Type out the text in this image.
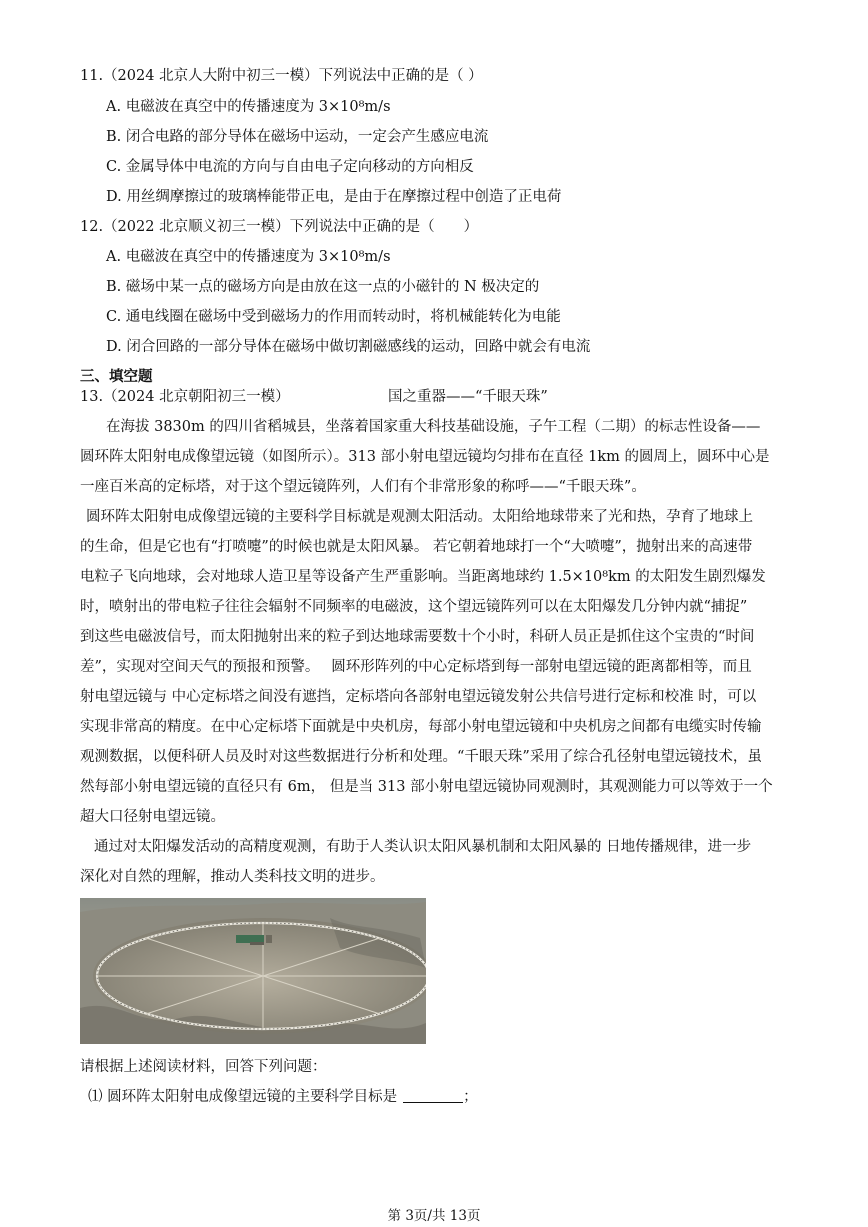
11.（2024 北京人大附中初三一模）下列说法中正确的是（ ）
A. 电磁波在真空中的传播速度为 3×10⁸m/s
B. 闭合电路的部分导体在磁场中运动，一定会产生感应电流
C. 金属导体中电流的方向与自由电子定向移动的方向相反
D. 用丝绸摩擦过的玻璃棒能带正电，是由于在摩擦过程中创造了正电荷
12.（2022 北京顺义初三一模）下列说法中正确的是（　　）
A. 电磁波在真空中的传播速度为 3×10⁸m/s
B. 磁场中某一点的磁场方向是由放在这一点的小磁针的 N 极决定的
C. 通电线圈在磁场中受到磁场力的作用而转动时，将机械能转化为电能
D. 闭合回路的一部分导体在磁场中做切割磁感线的运动，回路中就会有电流
三、填空题
13.（2024 北京朝阳初三一模）	国之重器——“千眼天珠”
在海拔 3830m 的四川省稻城县，坐落着国家重大科技基础设施，子午工程（二期）的标志性设备——
圆环阵太阳射电成像望远镜（如图所示）。313 部小射电望远镜均匀排布在直径 1km 的圆周上，圆环中心是
一座百米高的定标塔，对于这个望远镜阵列，人们有个非常形象的称呼——“千眼天珠”。
圆环阵太阳射电成像望远镜的主要科学目标就是观测太阳活动。太阳给地球带来了光和热，孕育了地球上
的生命，但是它也有“打喷嚏”的时候也就是太阳风暴。 若它朝着地球打一个“大喷嚏”，抛射出来的高速带
电粒子飞向地球，会对地球人造卫星等设备产生严重影响。当距离地球约 1.5×10⁸km 的太阳发生剧烈爆发
时，喷射出的带电粒子往往会辐射不同频率的电磁波，这个望远镜阵列可以在太阳爆发几分钟内就“捕捉”
到这些电磁波信号，而太阳抛射出来的粒子到达地球需要数十个小时，科研人员正是抓住这个宝贵的“时间
差”，实现对空间天气的预报和预警。　 圆环形阵列的中心定标塔到每一部射电望远镜的距离都相等，而且
射电望远镜与 中心定标塔之间没有遮挡，定标塔向各部射电望远镜发射公共信号进行定标和校准 时，可以
实现非常高的精度。在中心定标塔下面就是中央机房，每部小射电望远镜和中央机房之间都有电缆实时传输
观测数据，以便科研人员及时对这些数据进行分析和处理。“千眼天珠”采用了综合孔径射电望远镜技术，虽
然每部小射电望远镜的直径只有 6m， 但是当 313 部小射电望远镜协同观测时，其观测能力可以等效于一个
超大口径射电望远镜。
通过对太阳爆发活动的高精度观测，有助于人类认识太阳风暴机制和太阳风暴的 日地传播规律，进一步
深化对自然的理解，推动人类科技文明的进步。
请根据上述阅读材料，回答下列问题：
⑴ 圆环阵太阳射电成像望远镜的主要科学目标是	；
第 3页/共 13页
